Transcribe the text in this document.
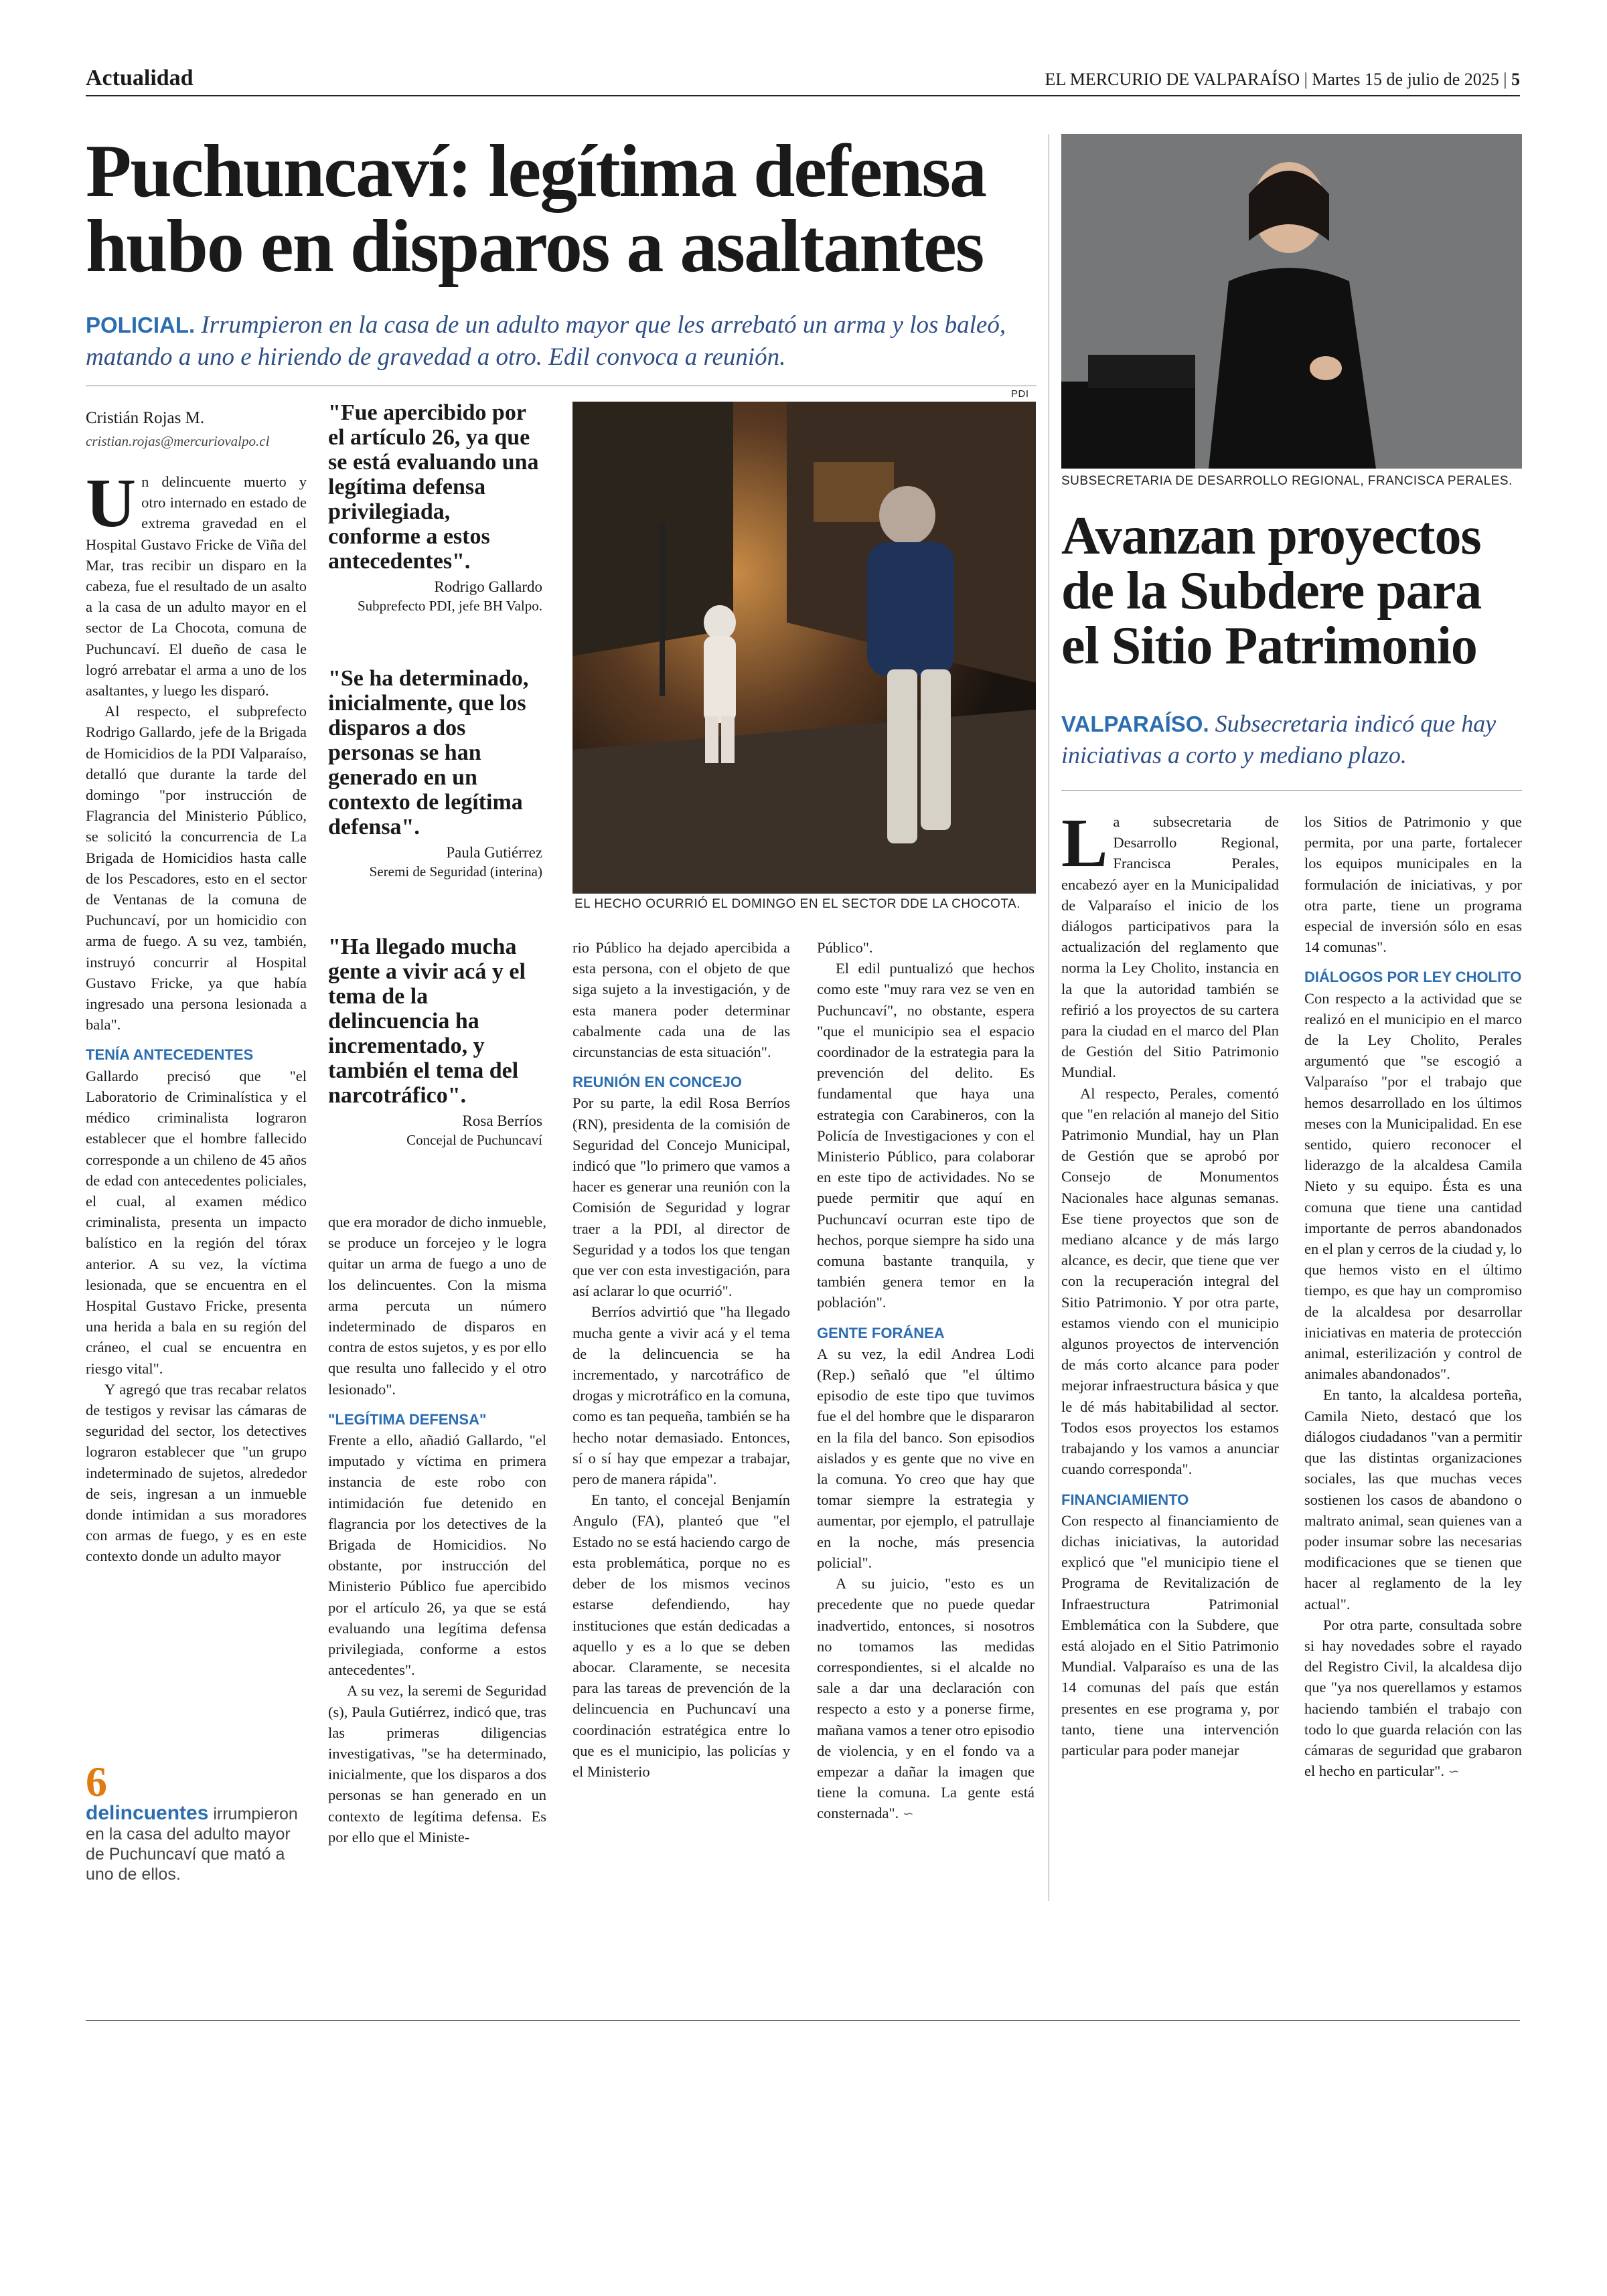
Actualidad	EL MERCURIO DE VALPARAÍSO | Martes 15 de julio de 2025 | 5
Puchuncaví: legítima defensa hubo en disparos a asaltantes
POLICIAL. Irrumpieron en la casa de un adulto mayor que les arrebató un arma y los baleó, matando a uno e hiriendo de gravedad a otro. Edil convoca a reunión.
Cristián Rojas M.
cristian.rojas@mercuriovalpo.cl

Un delincuente muerto y otro internado en estado de extrema gravedad en el Hospital Gustavo Fricke de Viña del Mar, tras recibir un disparo en la cabeza, fue el resultado de un asalto a la casa de un adulto mayor en el sector de La Chocota, comuna de Puchuncaví. El dueño de casa le logró arrebatar el arma a uno de los asaltantes, y luego les disparó.

Al respecto, el subprefecto Rodrigo Gallardo, jefe de la Brigada de Homicidios de la PDI Valparaíso, detalló que durante la tarde del domingo "por instrucción de Flagrancia del Ministerio Público, se solicitó la concurrencia de La Brigada de Homicidios hasta calle de los Pescadores, esto en el sector de Ventanas de la comuna de Puchuncaví, por un homicidio con arma de fuego. A su vez, también, instruyó concurrir al Hospital Gustavo Fricke, ya que había ingresado una persona lesionada a bala".

TENÍA ANTECEDENTES

Gallardo precisó que "el Laboratorio de Criminalística y el médico criminalista lograron establecer que el hombre fallecido corresponde a un chileno de 45 años de edad con antecedentes policiales, el cual, al examen médico criminalista, presenta un impacto balístico en la región del tórax anterior. A su vez, la víctima lesionada, que se encuentra en el Hospital Gustavo Fricke, presenta una herida a bala en su región del cráneo, el cual se encuentra en riesgo vital".

Y agregó que tras recabar relatos de testigos y revisar las cámaras de seguridad del sector, los detectives lograron establecer que "un grupo indeterminado de sujetos, alrededor de seis, ingresan a un inmueble donde intimidan a sus moradores con armas de fuego, y es en este contexto donde un adulto mayor

6
delincuentes irrumpieron en la casa del adulto mayor de Puchuncaví que mató a uno de ellos.
"Fue apercibido por el artículo 26, ya que se está evaluando una legítima defensa privilegiada, conforme a estos antecedentes".
Rodrigo Gallardo
Subprefecto PDI, jefe BH Valpo.
"Se ha determinado, inicialmente, que los disparos a dos personas se han generado en un contexto de legítima defensa".
Paula Gutiérrez
Seremi de Seguridad (interina)
"Ha llegado mucha gente a vivir acá y el tema de la delincuencia ha incrementado, y también el tema del narcotráfico".
Rosa Berríos
Concejal de Puchuncaví

que era morador de dicho inmueble, se produce un forcejeo y le logra quitar un arma de fuego a uno de los delincuentes. Con la misma arma percuta un número indeterminado de disparos en contra de estos sujetos, y es por ello que resulta uno fallecido y el otro lesionado".

"LEGÍTIMA DEFENSA"

Frente a ello, añadió Gallardo, "el imputado y víctima en primera instancia de este robo con intimidación fue detenido en flagrancia por los detectives de la Brigada de Homicidios. No obstante, por instrucción del Ministerio Público fue apercibido por el artículo 26, ya que se está evaluando una legítima defensa privilegiada, conforme a estos antecedentes".

A su vez, la seremi de Seguridad (s), Paula Gutiérrez, indicó que, tras las primeras diligencias investigativas, "se ha determinado, inicialmente, que los disparos a dos personas se han generado en un contexto de legítima defensa. Es por ello que el Ministe-

PDI
EL HECHO OCURRIÓ EL DOMINGO EN EL SECTOR DDE LA CHOCOTA.

rio Público ha dejado apercibida a esta persona, con el objeto de que siga sujeto a la investigación, y de esta manera poder determinar cabalmente cada una de las circunstancias de esta situación".

REUNIÓN EN CONCEJO

Por su parte, la edil Rosa Berríos (RN), presidenta de la comisión de Seguridad del Concejo Municipal, indicó que "lo primero que vamos a hacer es generar una reunión con la Comisión de Seguridad y lograr traer a la PDI, al director de Seguridad y a todos los que tengan que ver con esta investigación, para así aclarar lo que ocurrió".

Berríos advirtió que "ha llegado mucha gente a vivir acá y el tema de la delincuencia se ha incrementado, y narcotráfico de drogas y microtráfico en la comuna, como es tan pequeña, también se ha hecho notar demasiado. Entonces, sí o sí hay que empezar a trabajar, pero de manera rápida".

En tanto, el concejal Benjamín Angulo (FA), planteó que "el Estado no se está haciendo cargo de esta problemática, porque no es deber de los mismos vecinos estarse defendiendo, hay instituciones que están dedicadas a aquello y es a lo que se deben abocar. Claramente, se necesita para las tareas de prevención de la delincuencia en Puchuncaví una coordinación estratégica entre lo que es el municipio, las policías y el Ministerio

Público".

El edil puntualizó que hechos como este "muy rara vez se ven en Puchuncaví", no obstante, espera "que el municipio sea el espacio coordinador de la estrategia para la prevención del delito. Es fundamental que haya una estrategia con Carabineros, con la Policía de Investigaciones y con el Ministerio Público, para colaborar en este tipo de actividades. No se puede permitir que aquí en Puchuncaví ocurran este tipo de hechos, porque siempre ha sido una comuna bastante tranquila, y también genera temor en la población".

GENTE FORÁNEA

A su vez, la edil Andrea Lodi (Rep.) señaló que "el último episodio de este tipo que tuvimos fue el del hombre que le dispararon en la fila del banco. Son episodios aislados y es gente que no vive en la comuna. Yo creo que hay que tomar siempre la estrategia y aumentar, por ejemplo, el patrullaje en la noche, más presencia policial".

A su juicio, "esto es un precedente que no puede quedar inadvertido, entonces, si nosotros no tomamos las medidas correspondientes, si el alcalde no sale a dar una declaración con respecto a esto y a ponerse firme, mañana vamos a tener otro episodio de violencia, y en el fondo va a empezar a dañar la imagen que tiene la comuna. La gente está consternada". ∽

SUBSECRETARIA DE DESARROLLO REGIONAL, FRANCISCA PERALES.
Avanzan proyectos de la Subdere para el Sitio Patrimonio
VALPARAÍSO. Subsecretaria indicó que hay iniciativas a corto y mediano plazo.

La subsecretaria de Desarrollo Regional, Francisca Perales, encabezó ayer en la Municipalidad de Valparaíso el inicio de los diálogos participativos para la actualización del reglamento que norma la Ley Cholito, instancia en la que la autoridad también se refirió a los proyectos de su cartera para la ciudad en el marco del Plan de Gestión del Sitio Patrimonio Mundial.

Al respecto, Perales, comentó que "en relación al manejo del Sitio Patrimonio Mundial, hay un Plan de Gestión que se aprobó por Consejo de Monumentos Nacionales hace algunas semanas. Ese tiene proyectos que son de mediano alcance y de más largo alcance, es decir, que tiene que ver con la recuperación integral del Sitio Patrimonio. Y por otra parte, estamos viendo con el municipio algunos proyectos de intervención de más corto alcance para poder mejorar infraestructura básica y que le dé más habitabilidad al sector. Todos esos proyectos los estamos trabajando y los vamos a anunciar cuando corresponda".

FINANCIAMIENTO

Con respecto al financiamiento de dichas iniciativas, la autoridad explicó que "el municipio tiene el Programa de Revitalización de Infraestructura Patrimonial Emblemática con la Subdere, que está alojado en el Sitio Patrimonio Mundial. Valparaíso es una de las 14 comunas del país que están presentes en ese programa y, por tanto, tiene una intervención particular para poder manejar

los Sitios de Patrimonio y que permita, por una parte, fortalecer los equipos municipales en la formulación de iniciativas, y por otra parte, tiene un programa especial de inversión sólo en esas 14 comunas".

DIÁLOGOS POR LEY CHOLITO

Con respecto a la actividad que se realizó en el municipio en el marco de la Ley Cholito, Perales argumentó que "se escogió a Valparaíso "por el trabajo que hemos desarrollado en los últimos meses con la Municipalidad. En ese sentido, quiero reconocer el liderazgo de la alcaldesa Camila Nieto y su equipo. Ésta es una comuna que tiene una cantidad importante de perros abandonados en el plan y cerros de la ciudad y, lo que hemos visto en el último tiempo, es que hay un compromiso de la alcaldesa por desarrollar iniciativas en materia de protección animal, esterilización y control de animales abandonados".

En tanto, la alcaldesa porteña, Camila Nieto, destacó que los diálogos ciudadanos "van a permitir que las distintas organizaciones sociales, las que muchas veces sostienen los casos de abandono o maltrato animal, sean quienes van a poder insumar sobre las necesarias modificaciones que se tienen que hacer al reglamento de la ley actual".

Por otra parte, consultada sobre si hay novedades sobre el rayado del Registro Civil, la alcaldesa dijo que "ya nos querellamos y estamos haciendo también el trabajo con todo lo que guarda relación con las cámaras de seguridad que grabaron el hecho en particular". ∽
